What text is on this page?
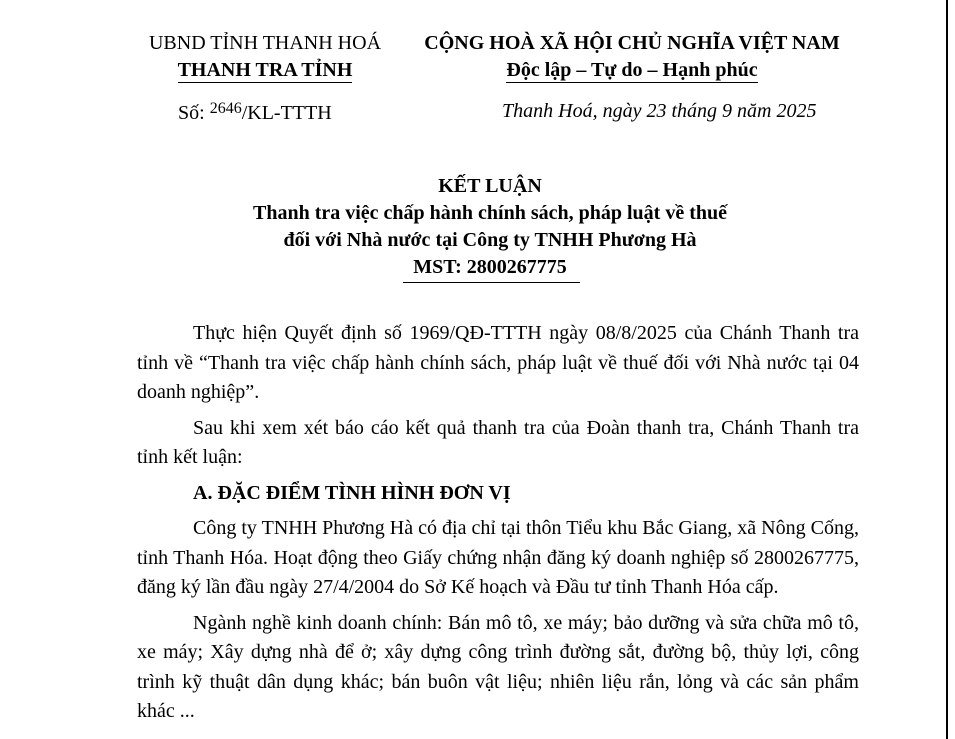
UBND TỈNH THANH HOÁ
THANH TRA TỈNH
CỘNG HOÀ XÃ HỘI CHỦ NGHĨA VIỆT NAM
Độc lập – Tự do – Hạnh phúc
Số: $^{2646}$/KL-TTTH	Thanh Hoá, ngày 23 tháng 9 năm 2025
KẾT LUẬN
Thanh tra việc chấp hành chính sách, pháp luật về thuế
đối với Nhà nước tại Công ty TNHH Phương Hà
MST: 2800267775

Thực hiện Quyết định số 1969/QĐ-TTTH ngày 08/8/2025 của Chánh Thanh tra tỉnh về “Thanh tra việc chấp hành chính sách, pháp luật về thuế đối với Nhà nước tại 04 doanh nghiệp”.

Sau khi xem xét báo cáo kết quả thanh tra của Đoàn thanh tra, Chánh Thanh tra tỉnh kết luận:

A. ĐẶC ĐIỂM TÌNH HÌNH ĐƠN VỊ

Công ty TNHH Phương Hà có địa chỉ tại thôn Tiểu khu Bắc Giang, xã Nông Cống, tỉnh Thanh Hóa. Hoạt động theo Giấy chứng nhận đăng ký doanh nghiệp số 2800267775, đăng ký lần đầu ngày 27/4/2004 do Sở Kế hoạch và Đầu tư tỉnh Thanh Hóa cấp.

Ngành nghề kinh doanh chính: Bán mô tô, xe máy; bảo dưỡng và sửa chữa mô tô, xe máy; Xây dựng nhà để ở; xây dựng công trình đường sắt, đường bộ, thủy lợi, công trình kỹ thuật dân dụng khác; bán buôn vật liệu; nhiên liệu rắn, lỏng và các sản phẩm khác ...
